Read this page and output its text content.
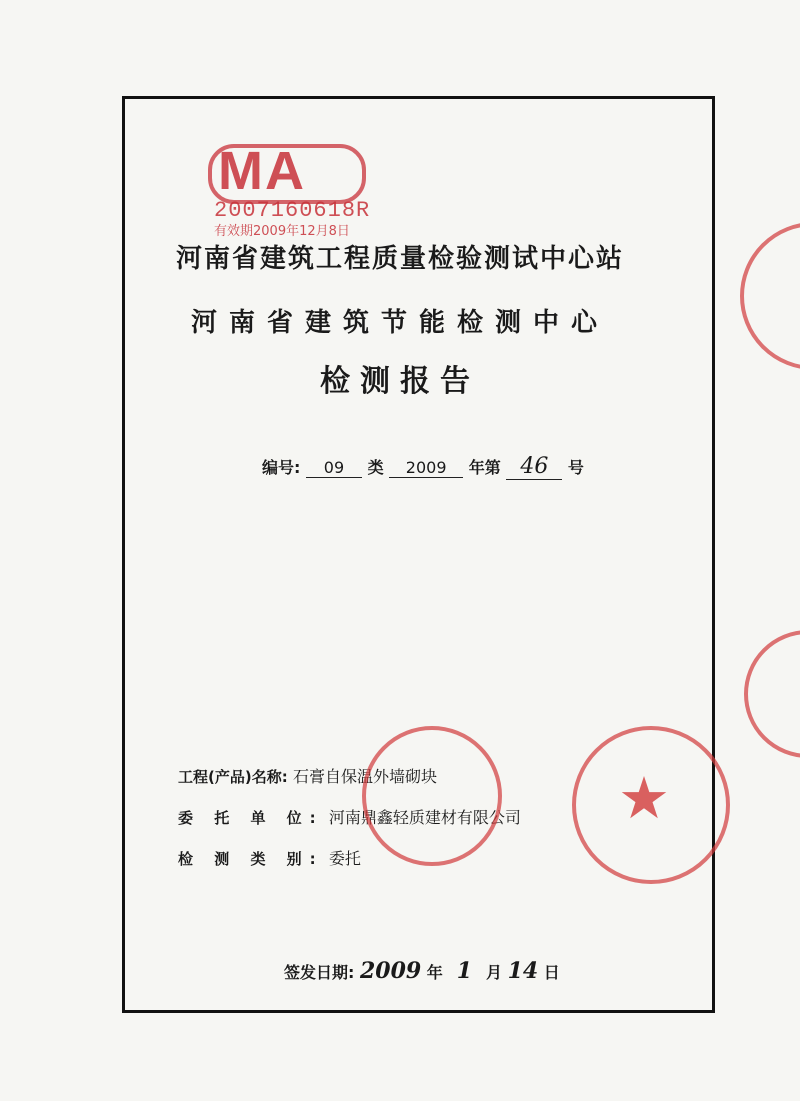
MA
2007160618R
有效期2009年12月8日
河南省建筑工程质量检验测试中心站
河南省建筑节能检测中心
检测报告
编号: 09 类 2009 年第 46 号
工程(产品)名称: 石膏自保温外墙砌块
委 托 单 位: 河南鼎鑫轻质建材有限公司
检 测 类 别: 委托
签发日期: 2009 年 1 月 14 日
★
